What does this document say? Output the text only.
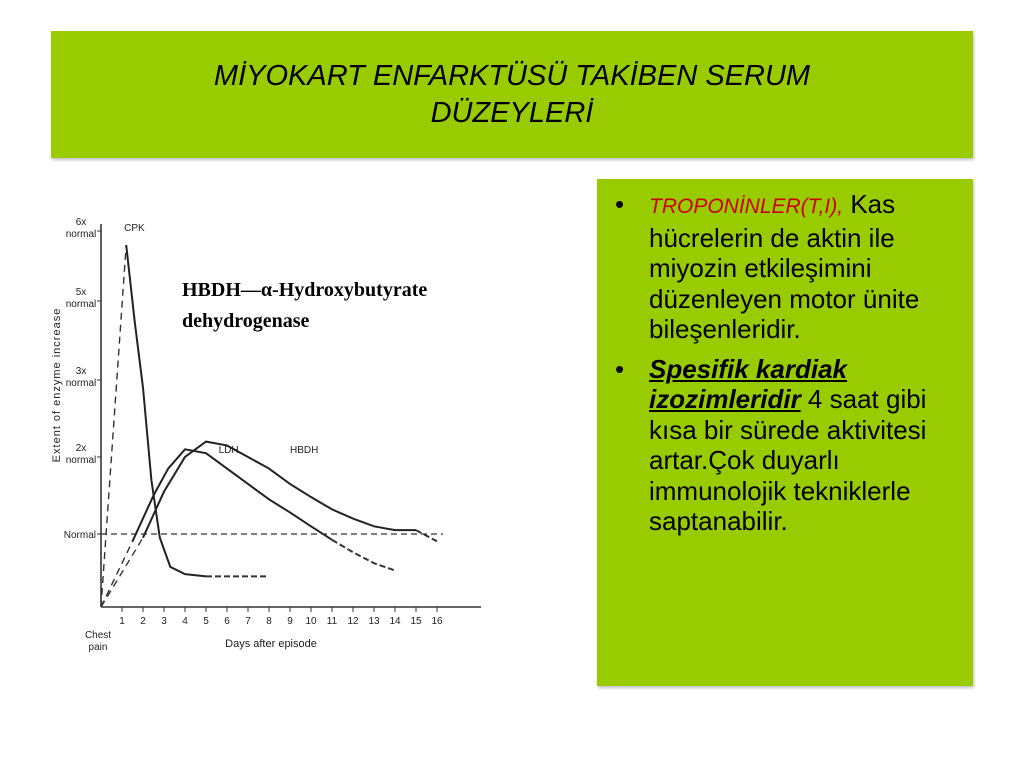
MİYOKART ENFARKTÜSÜ TAKİBEN SERUM
DÜZEYLERİ
1 2 3 4 5 6 7 8 9 10 11 12 13 14 15 16
Chest
pain	Days after episode
Normal
2x
normal
3x
normal
5x
normal
6x
normal
Extent of enzyme increase
CPK
LDH	HBDH
HBDH—α-Hydroxybutyrate
dehydrogenase
• TROPONİNLER(T,I), Kas hücrelerin de aktin ile miyozin etkileşimini düzenleyen motor ünite bileşenleridir.
• Spesifik kardiak izozimleridir 4 saat gibi kısa bir sürede aktivitesi artar.Çok duyarlı immunolojik tekniklerle saptanabilir.
